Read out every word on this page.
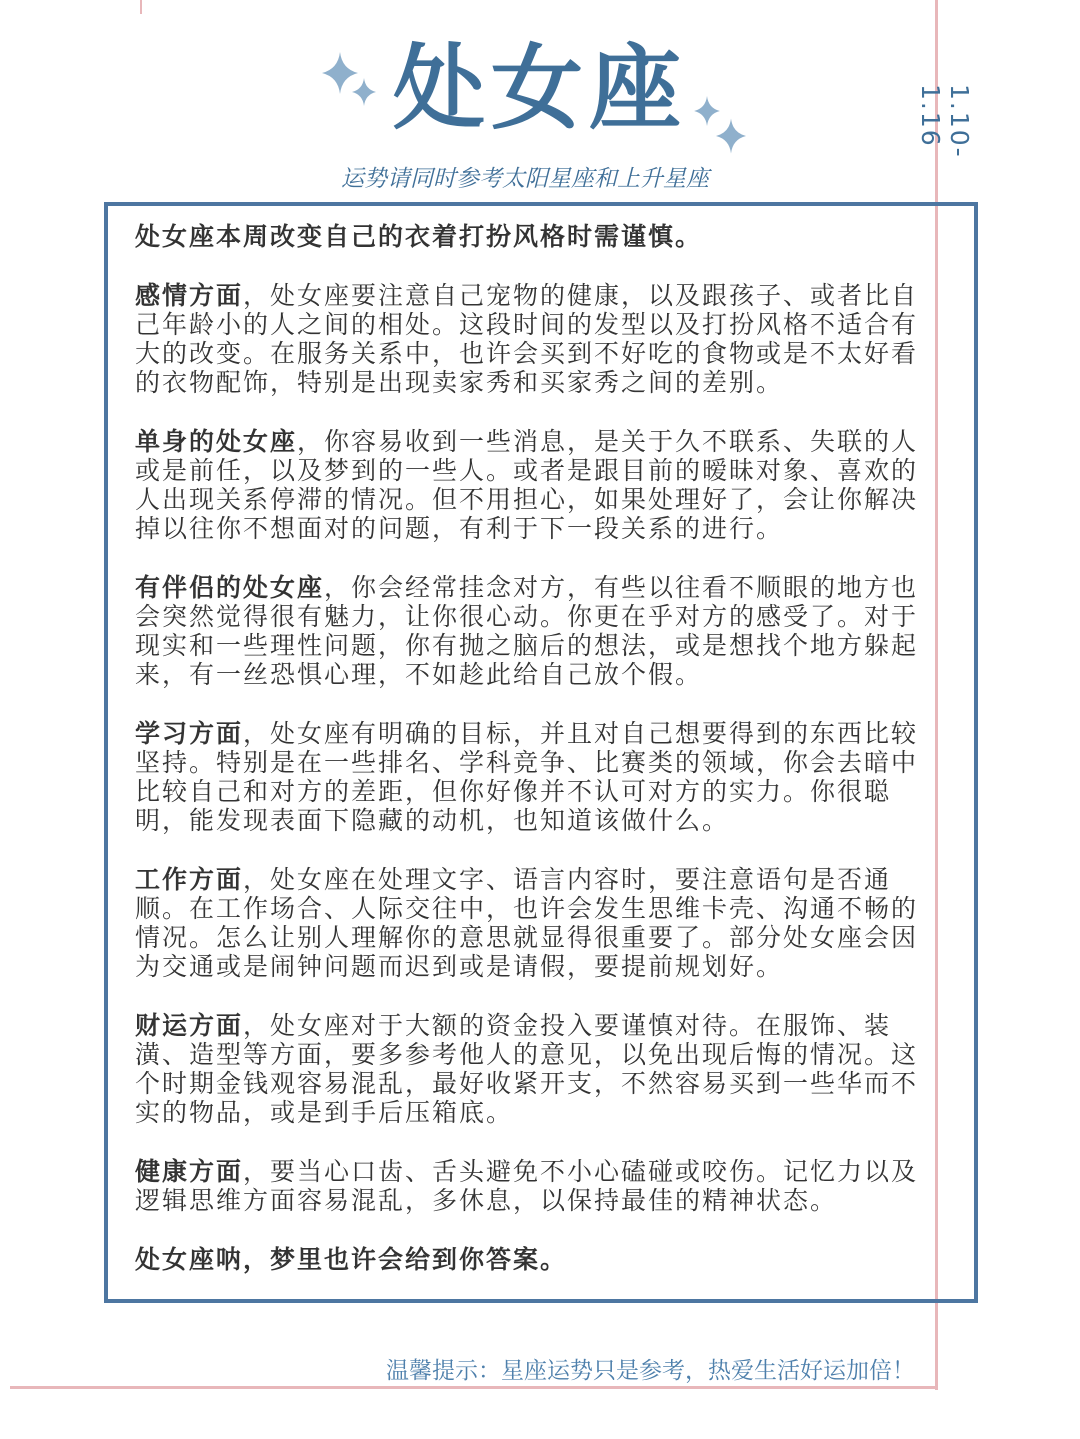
处女座
运势请同时参考太阳星座和上升星座
1.10-1.16

处女座本周改变自己的衣着打扮风格时需谨慎。

感情方面，处女座要注意自己宠物的健康，以及跟孩子、或者比自己年龄小的人之间的相处。这段时间的发型以及打扮风格不适合有大的改变。在服务关系中，也许会买到不好吃的食物或是不太好看的衣物配饰，特别是出现卖家秀和买家秀之间的差别。

单身的处女座，你容易收到一些消息，是关于久不联系、失联的人或是前任，以及梦到的一些人。或者是跟目前的暧昧对象、喜欢的人出现关系停滞的情况。但不用担心，如果处理好了，会让你解决掉以往你不想面对的问题，有利于下一段关系的进行。

有伴侣的处女座，你会经常挂念对方，有些以往看不顺眼的地方也会突然觉得很有魅力，让你很心动。你更在乎对方的感受了。对于现实和一些理性问题，你有抛之脑后的想法，或是想找个地方躲起来，有一丝恐惧心理，不如趁此给自己放个假。

学习方面，处女座有明确的目标，并且对自己想要得到的东西比较坚持。特别是在一些排名、学科竞争、比赛类的领域，你会去暗中比较自己和对方的差距，但你好像并不认可对方的实力。你很聪明，能发现表面下隐藏的动机，也知道该做什么。

工作方面，处女座在处理文字、语言内容时，要注意语句是否通顺。在工作场合、人际交往中，也许会发生思维卡壳、沟通不畅的情况。怎么让别人理解你的意思就显得很重要了。部分处女座会因为交通或是闹钟问题而迟到或是请假，要提前规划好。

财运方面，处女座对于大额的资金投入要谨慎对待。在服饰、装潢、造型等方面，要多参考他人的意见，以免出现后悔的情况。这个时期金钱观容易混乱，最好收紧开支，不然容易买到一些华而不实的物品，或是到手后压箱底。

健康方面，要当心口齿、舌头避免不小心磕碰或咬伤。记忆力以及逻辑思维方面容易混乱，多休息，以保持最佳的精神状态。

处女座呐，梦里也许会给到你答案。

温馨提示：星座运势只是参考，热爱生活好运加倍！
